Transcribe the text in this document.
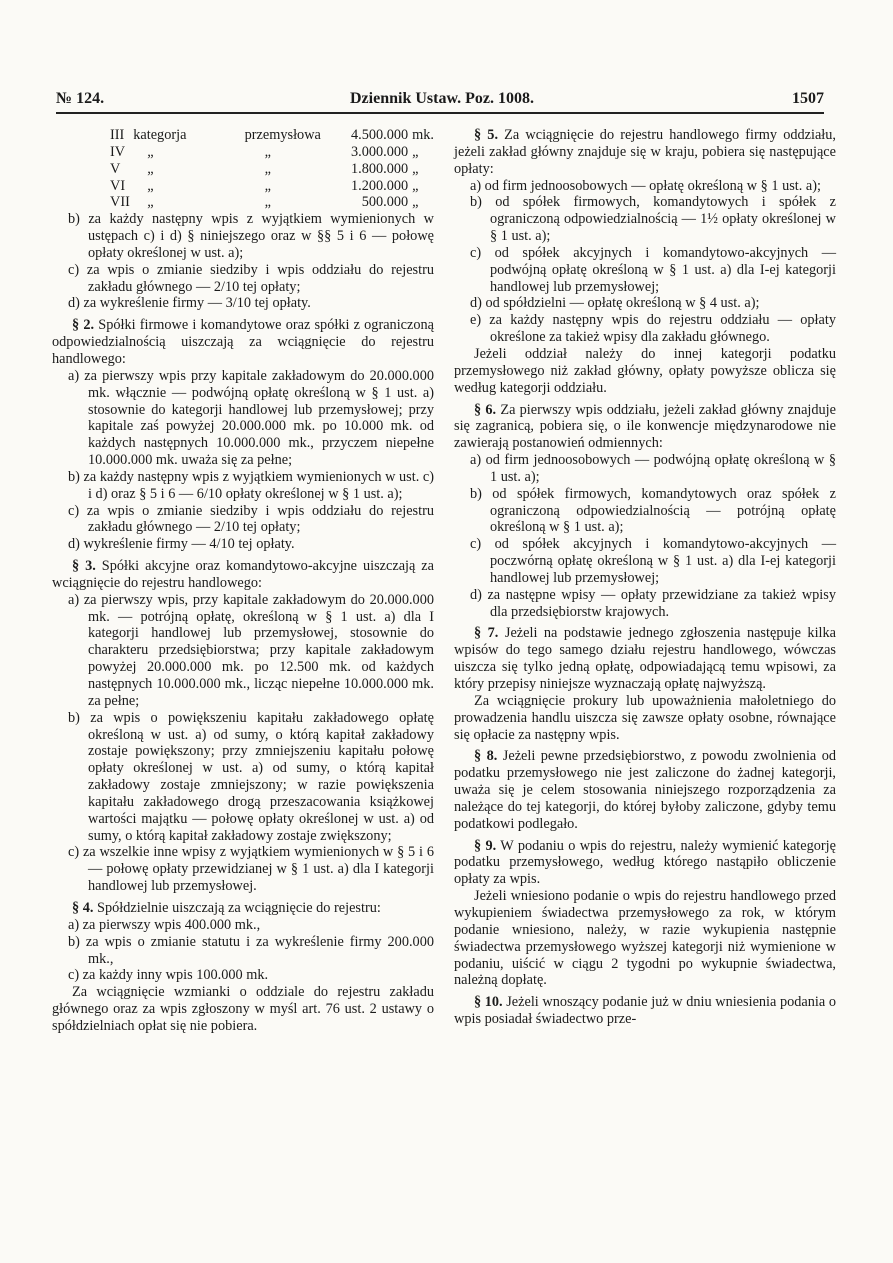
№ 124.	Dziennik Ustaw. Poz. 1008.	1507
III	kategorja	przemysłowa	4.500.000	mk.
IV	„	„	3.000.000	„
V	„	„	1.800.000	„
VI	„	„	1.200.000	„
VII	„	„	500.000	„

b) za każdy następny wpis z wyjątkiem wymienionych w ustępach c) i d) § niniejszego oraz w §§ 5 i 6 — połowę opłaty określonej w ust. a);

c) za wpis o zmianie siedziby i wpis oddziału do rejestru zakładu głównego — 2/10 tej opłaty;

d) za wykreślenie firmy — 3/10 tej opłaty.

§ 2. Spółki firmowe i komandytowe oraz spółki z ograniczoną odpowiedzialnością uiszczają za wciągnięcie do rejestru handlowego:

a) za pierwszy wpis przy kapitale zakładowym do 20.000.000 mk. włącznie — podwójną opłatę określoną w § 1 ust. a) stosownie do kategorji handlowej lub przemysłowej; przy kapitale zaś powyżej 20.000.000 mk. po 10.000 mk. od każdych następnych 10.000.000 mk., przyczem niepełne 10.000.000 mk. uważa się za pełne;

b) za każdy następny wpis z wyjątkiem wymienionych w ust. c) i d) oraz § 5 i 6 — 6/10 opłaty określonej w § 1 ust. a);

c) za wpis o zmianie siedziby i wpis oddziału do rejestru zakładu głównego — 2/10 tej opłaty;

d) wykreślenie firmy — 4/10 tej opłaty.

§ 3. Spółki akcyjne oraz komandytowo-akcyjne uiszczają za wciągnięcie do rejestru handlowego:

a) za pierwszy wpis, przy kapitale zakładowym do 20.000.000 mk. — potrójną opłatę, określoną w § 1 ust. a) dla I kategorji handlowej lub przemysłowej, stosownie do charakteru przedsiębiorstwa; przy kapitale zakładowym powyżej 20.000.000 mk. po 12.500 mk. od każdych następnych 10.000.000 mk., licząc niepełne 10.000.000 mk. za pełne;

b) za wpis o powiększeniu kapitału zakładowego opłatę określoną w ust. a) od sumy, o którą kapitał zakładowy zostaje powiększony; przy zmniejszeniu kapitału połowę opłaty określonej w ust. a) od sumy, o którą kapitał zakładowy zostaje zmniejszony; w razie powiększenia kapitału zakładowego drogą przeszacowania książkowej wartości majątku — połowę opłaty określonej w ust. a) od sumy, o którą kapitał zakładowy zostaje zwiększony;

c) za wszelkie inne wpisy z wyjątkiem wymienionych w § 5 i 6 — połowę opłaty przewidzianej w § 1 ust. a) dla I kategorji handlowej lub przemysłowej.

§ 4. Spółdzielnie uiszczają za wciągnięcie do rejestru:

a) za pierwszy wpis 400.000 mk.,

b) za wpis o zmianie statutu i za wykreślenie firmy 200.000 mk.,

c) za każdy inny wpis 100.000 mk.

Za wciągnięcie wzmianki o oddziale do rejestru zakładu głównego oraz za wpis zgłoszony w myśl art. 76 ust. 2 ustawy o spółdzielniach opłat się nie pobiera.

§ 5. Za wciągnięcie do rejestru handlowego firmy oddziału, jeżeli zakład główny znajduje się w kraju, pobiera się następujące opłaty:

a) od firm jednoosobowych — opłatę określoną w § 1 ust. a);

b) od spółek firmowych, komandytowych i spółek z ograniczoną odpowiedzialnością — 1½ opłaty określonej w § 1 ust. a);

c) od spółek akcyjnych i komandytowo-akcyjnych — podwójną opłatę określoną w § 1 ust. a) dla I-ej kategorji handlowej lub przemysłowej;

d) od spółdzielni — opłatę określoną w § 4 ust. a);

e) za każdy następny wpis do rejestru oddziału — opłaty określone za takież wpisy dla zakładu głównego.

Jeżeli oddział należy do innej kategorji podatku przemysłowego niż zakład główny, opłaty powyższe oblicza się według kategorji oddziału.

§ 6. Za pierwszy wpis oddziału, jeżeli zakład główny znajduje się zagranicą, pobiera się, o ile konwencje międzynarodowe nie zawierają postanowień odmiennych:

a) od firm jednoosobowych — podwójną opłatę określoną w § 1 ust. a);

b) od spółek firmowych, komandytowych oraz spółek z ograniczoną odpowiedzialnością — potrójną opłatę określoną w § 1 ust. a);

c) od spółek akcyjnych i komandytowo-akcyjnych — poczwórną opłatę określoną w § 1 ust. a) dla I-ej kategorji handlowej lub przemysłowej;

d) za następne wpisy — opłaty przewidziane za takież wpisy dla przedsiębiorstw krajowych.

§ 7. Jeżeli na podstawie jednego zgłoszenia następuje kilka wpisów do tego samego działu rejestru handlowego, wówczas uiszcza się tylko jedną opłatę, odpowiadającą temu wpisowi, za który przepisy niniejsze wyznaczają opłatę najwyższą.

Za wciągnięcie prokury lub upoważnienia małoletniego do prowadzenia handlu uiszcza się zawsze opłaty osobne, równające się opłacie za następny wpis.

§ 8. Jeżeli pewne przedsiębiorstwo, z powodu zwolnienia od podatku przemysłowego nie jest zaliczone do żadnej kategorji, uważa się je celem stosowania niniejszego rozporządzenia za należące do tej kategorji, do której byłoby zaliczone, gdyby temu podatkowi podlegało.

§ 9. W podaniu o wpis do rejestru, należy wymienić kategorję podatku przemysłowego, według którego nastąpiło obliczenie opłaty za wpis.

Jeżeli wniesiono podanie o wpis do rejestru handlowego przed wykupieniem świadectwa przemysłowego za rok, w którym podanie wniesiono, należy, w razie wykupienia następnie świadectwa przemysłowego wyższej kategorji niż wymienione w podaniu, uiścić w ciągu 2 tygodni po wykupnie świadectwa, należną dopłatę.

§ 10. Jeżeli wnoszący podanie już w dniu wniesienia podania o wpis posiadał świadectwo prze-
